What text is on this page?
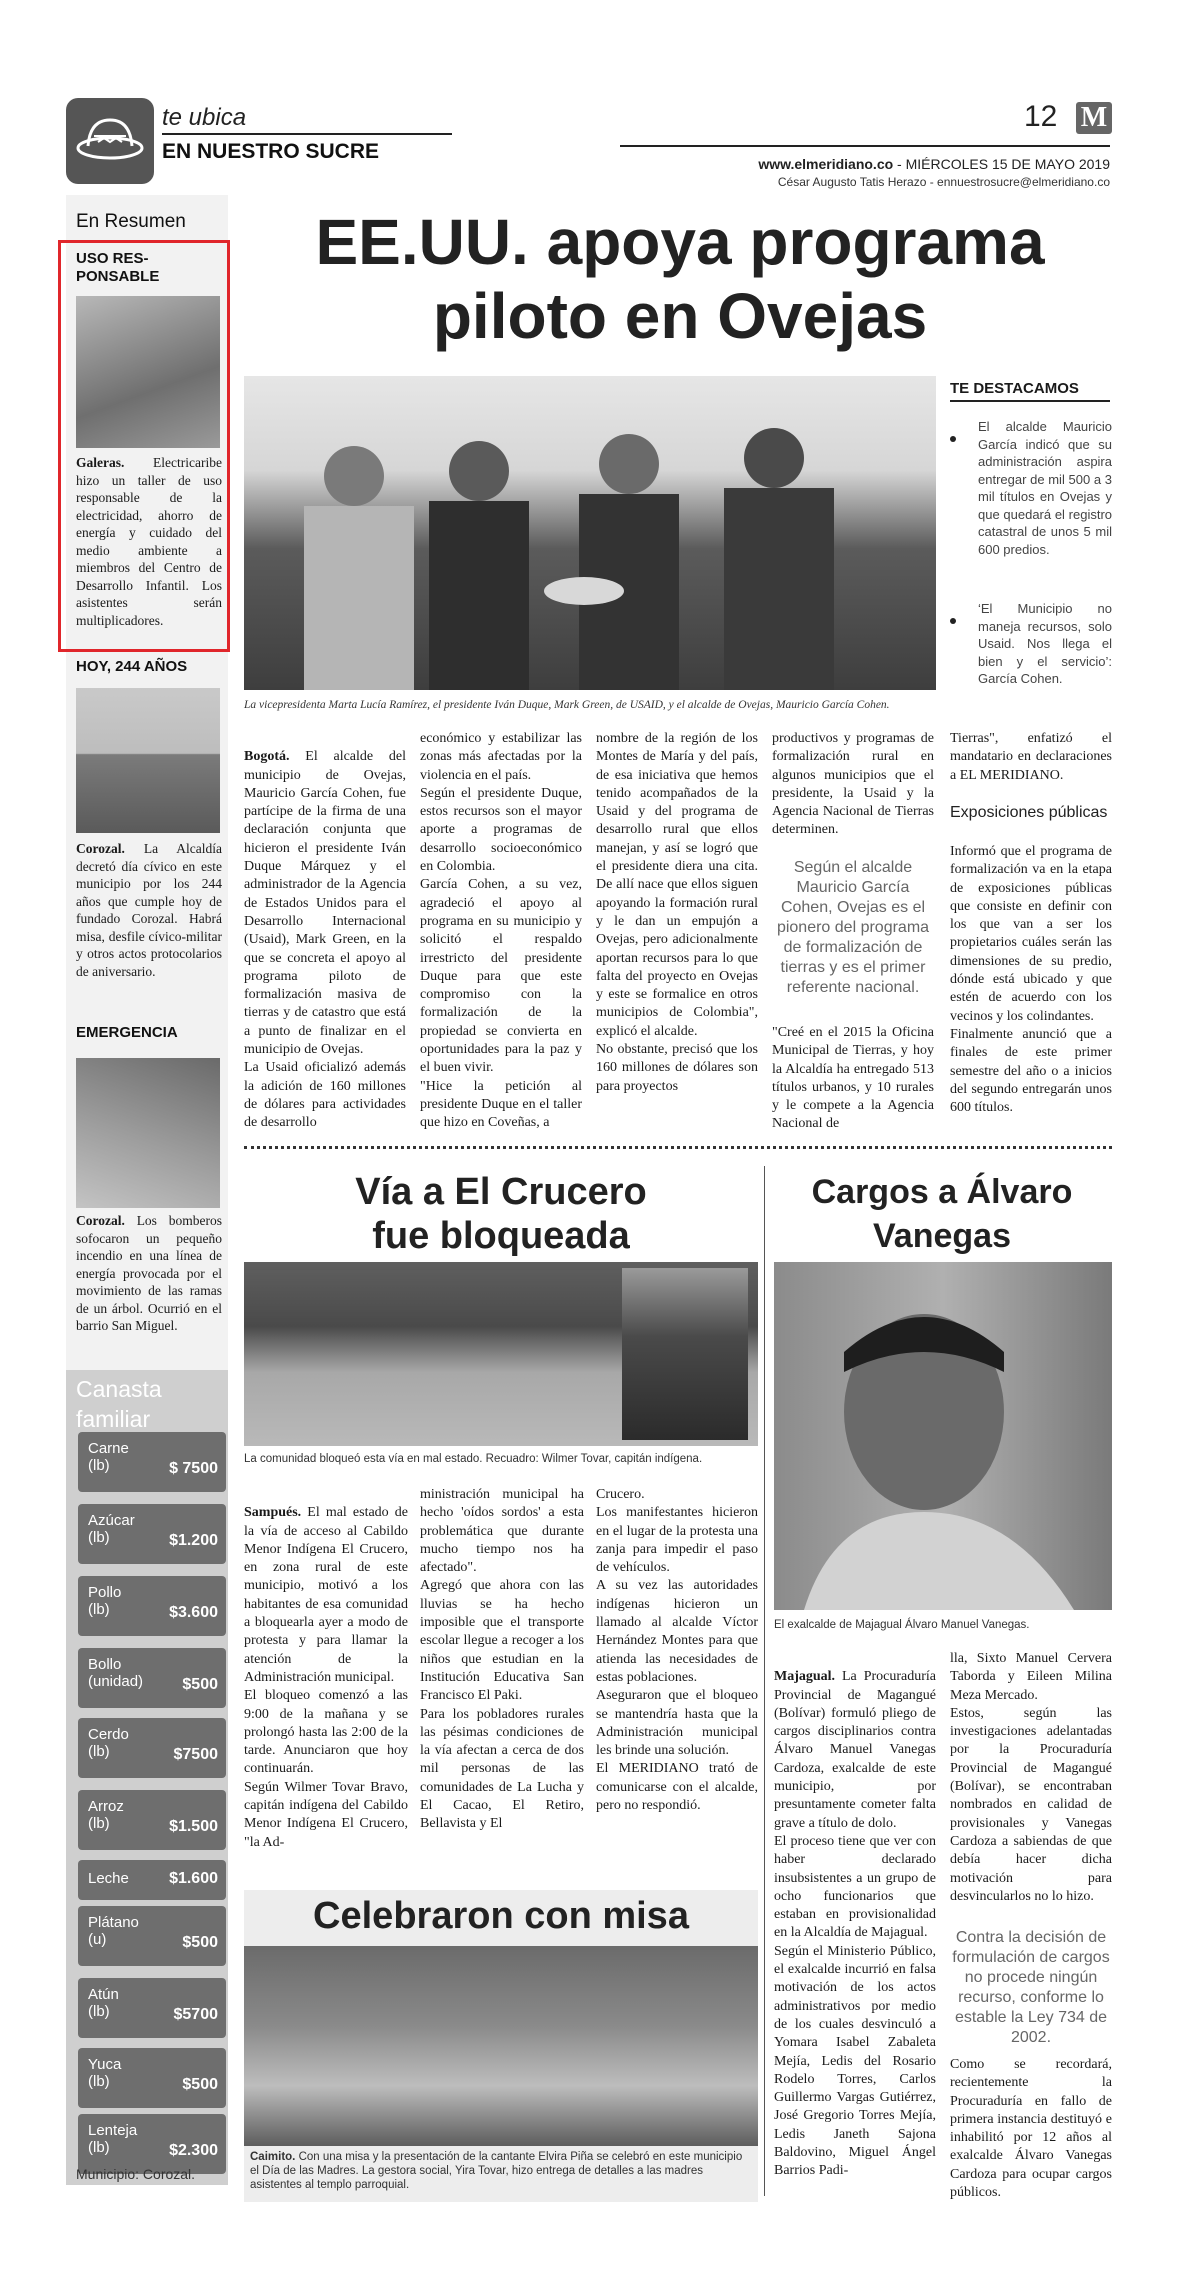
te ubica
EN NUESTRO SUCRE
12 M
www.elmeridiano.co - MIÉRCOLES 15 DE MAYO 2019
César Augusto Tatis Herazo - ennuestrosucre@elmeridiano.co
En Resumen
USO RES-
PONSABLE
Galeras. Electricaribe hizo un taller de uso responsable de la electricidad, ahorro de energía y cuidado del medio ambiente a miembros del Centro de Desarrollo Infantil. Los asistentes serán multiplicadores.
HOY, 244 AÑOS
Corozal. La Alcaldía decretó día cívico en este municipio por los 244 años que cumple hoy de fundado Corozal. Habrá misa, desfile cívico-militar y otros actos protocolarios de aniversario.
EMERGENCIA
Corozal. Los bomberos sofocaron un pequeño incendio en una línea de energía provocada por el movimiento de las ramas de un árbol. Ocurrió en el barrio San Miguel.
Canasta
familiar
Carne
(lb)	$ 7500
Azúcar
(lb)	$1.200
Pollo
(lb)	$3.600
Bollo
(unidad) $500
Cerdo
(lb)	$7500
Arroz
(lb)	$1.500
Leche	$1.600
Plátano
(u)	$500
Atún
(lb)	$5700
Yuca
(lb)	$500
Lenteja
(lb)	$2.300
Municipio: Corozal.
EE.UU. apoya programa piloto en Ovejas
La vicepresidenta Marta Lucía Ramírez, el presidente Iván Duque, Mark Green, de USAID, y el alcalde de Ovejas, Mauricio García Cohen.
TE DESTACAMOS
El alcalde Mauricio García indicó que su administración aspira entregar de mil 500 a 3 mil títulos en Ovejas y que quedará el registro catastral de unos 5 mil 600 predios.
‘El Municipio no maneja recursos, solo Usaid. Nos llega el bien y el servicio’: García Cohen.

Bogotá. El alcalde del municipio de Ovejas, Mauricio García Cohen, fue partícipe de la firma de una declaración conjunta que hicieron el presidente Iván Duque Márquez y el administrador de la Agencia de Estados Unidos para el Desarrollo Internacional (Usaid), Mark Green, en la que se concreta el apoyo al programa piloto de formalización masiva de tierras y de catastro que está a punto de finalizar en el municipio de Ovejas.
La Usaid oficializó además la adición de 160 millones de dólares para actividades de desarrollo

económico y estabilizar las zonas más afectadas por la violencia en el país.
Según el presidente Duque, estos recursos son el mayor aporte a programas de desarrollo socioeconómico en Colombia.
García Cohen, a su vez, agradeció el apoyo al programa en su municipio y solicitó el respaldo irrestricto del presidente Duque para que este compromiso con la formalización de la propiedad se convierta en oportunidades para la paz y el buen vivir.
"Hice la petición al presidente Duque en el taller que hizo en Coveñas, a
nombre de la región de los Montes de María y del país, de esa iniciativa que hemos tenido acompañados de la Usaid y del programa de desarrollo rural que ellos manejan, y así se logró que el presidente diera una cita. De allí nace que ellos siguen apoyando la formación rural y le dan un empujón a Ovejas, pero adicionalmente aportan recursos para lo que falta del proyecto en Ovejas y este se formalice en otros municipios de Colombia", explicó el alcalde.
No obstante, precisó que los 160 millones de dólares son para proyectos
productivos y programas de formalización rural en algunos municipios que el presidente, la Usaid y la Agencia Nacional de Tierras determinen.
Según el alcalde Mauricio García Cohen, Ovejas es el pionero del programa de formalización de tierras y es el primer referente nacional.
"Creé en el 2015 la Oficina Municipal de Tierras, y hoy la Alcaldía ha entregado 513 títulos urbanos, y 10 rurales y le compete a la Agencia Nacional de
Tierras", enfatizó el mandatario en declaraciones a EL MERIDIANO.
Exposiciones públicas
Informó que el programa de formalización va en la etapa de exposiciones públicas que consiste en definir con los que van a ser los propietarios cuáles serán las dimensiones de su predio, dónde está ubicado y que estén de acuerdo con los vecinos y los colindantes.
Finalmente anunció que a finales de este primer semestre del año o a inicios del segundo entregarán unos 600 títulos.
Vía a El Crucero
fue bloqueada
La comunidad bloqueó esta vía en mal estado. Recuadro: Wilmer Tovar, capitán indígena.

Sampués. El mal estado de la vía de acceso al Cabildo Menor Indígena El Crucero, en zona rural de este municipio, motivó a los habitantes de esa comunidad a bloquearla ayer a modo de protesta y para llamar la atención de la Administración municipal.
El bloqueo comenzó a las 9:00 de la mañana y se prolongó hasta las 2:00 de la tarde. Anunciaron que hoy continuarán.
Según Wilmer Tovar Bravo, capitán indígena del Cabildo Menor Indígena El Crucero, "la Ad-

ministración municipal ha hecho 'oídos sordos' a esta problemática que durante mucho tiempo nos ha afectado".
Agregó que ahora con las lluvias se ha hecho imposible que el transporte escolar llegue a recoger a los niños que estudian en la Institución Educativa San Francisco El Paki.
Para los pobladores rurales las pésimas condiciones de la vía afectan a cerca de dos mil personas de las comunidades de La Lucha y El Cacao, El Retiro, Bellavista y El
Crucero.
Los manifestantes hicieron en el lugar de la protesta una zanja para impedir el paso de vehículos.
A su vez las autoridades indígenas hicieron un llamado al alcalde Víctor Hernández Montes para que atienda las necesidades de estas poblaciones.
Aseguraron que el bloqueo se mantendría hasta que la Administración municipal les brinde una solución.
El MERIDIANO trató de comunicarse con el alcalde, pero no respondió.
Celebraron con misa
Caimito. Con una misa y la presentación de la cantante Elvira Piña se celebró en este municipio el Día de las Madres. La gestora social, Yira Tovar, hizo entrega de detalles a las madres asistentes al templo parroquial.
Cargos a Álvaro
Vanegas
El exalcalde de Majagual Álvaro Manuel Vanegas.

Majagual. La Procuraduría Provincial de Magangué (Bolívar) formuló pliego de cargos disciplinarios contra Álvaro Manuel Vanegas Cardoza, exalcalde de este municipio, por presuntamente cometer falta grave a título de dolo.
El proceso tiene que ver con haber declarado insubsistentes a un grupo de ocho funcionarios que estaban en provisionalidad en la Alcaldía de Majagual.
Según el Ministerio Público, el exalcalde incurrió en falsa motivación de los actos administrativos por medio de los cuales desvinculó a Yomara Isabel Zabaleta Mejía, Ledis del Rosario Rodelo Torres, Carlos Guillermo Vargas Gutiérrez, José Gregorio Torres Mejía, Ledis Janeth Sajona Baldovino, Miguel Ángel Barrios Padi-

lla, Sixto Manuel Cervera Taborda y Eileen Milina Meza Mercado.
Estos, según las investigaciones adelantadas por la Procuraduría Provincial de Magangué (Bolívar), se encontraban nombrados en calidad de provisionales y Vanegas Cardoza a sabiendas de que debía hacer dicha motivación para desvincularlos no lo hizo.
Contra la decisión de formulación de cargos no procede ningún recurso, conforme lo estable la Ley 734 de 2002.
Como se recordará, recientemente la Procuraduría en fallo de primera instancia destituyó e inhabilitó por 12 años al exalcalde Álvaro Vanegas Cardoza para ocupar cargos públicos.
